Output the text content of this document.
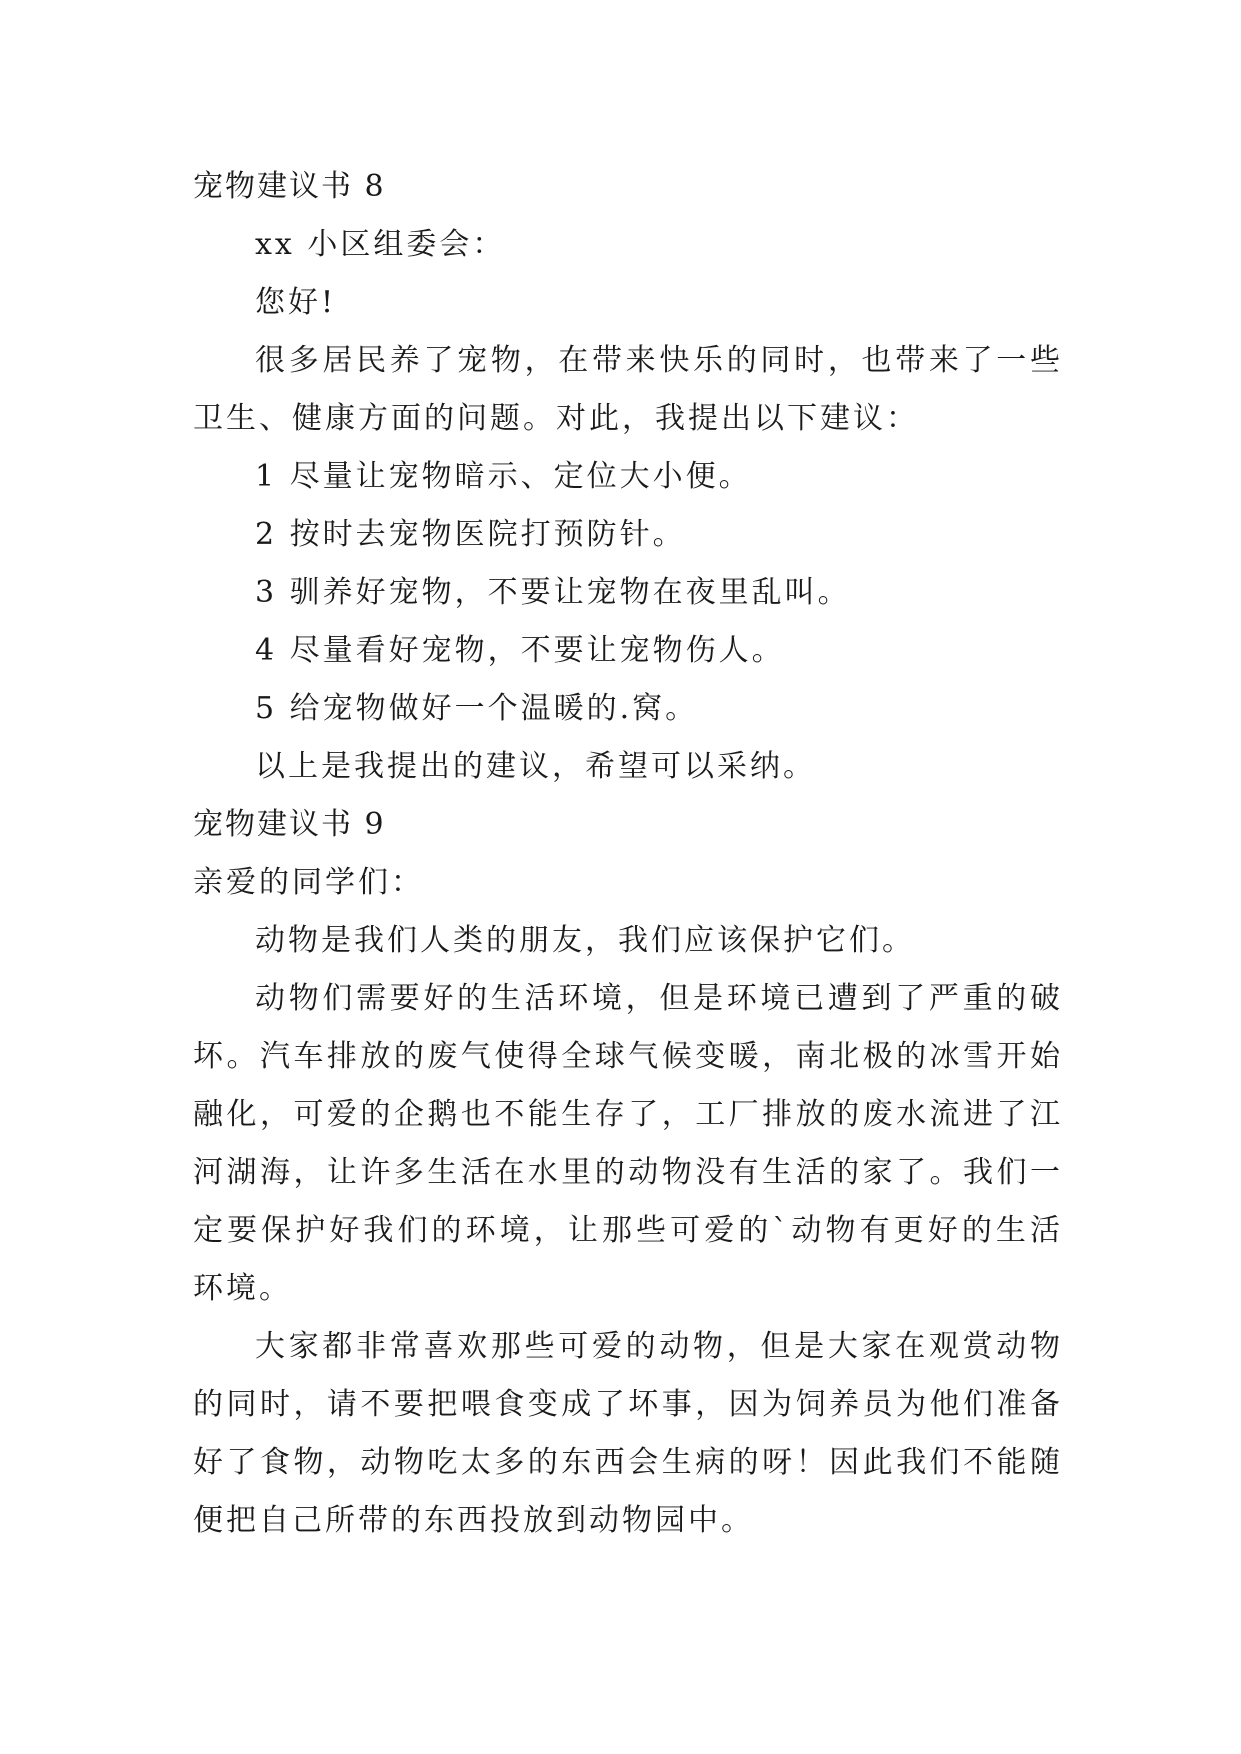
宠物建议书 8

xx 小区组委会：

您好!

很多居民养了宠物，在带来快乐的同时，也带来了一些卫生、健康方面的问题。对此，我提出以下建议：

1 尽量让宠物暗示、定位大小便。

2 按时去宠物医院打预防针。

3 驯养好宠物，不要让宠物在夜里乱叫。

4 尽量看好宠物，不要让宠物伤人。

5 给宠物做好一个温暖的.窝。

以上是我提出的建议，希望可以采纳。

宠物建议书 9

亲爱的同学们：

动物是我们人类的朋友，我们应该保护它们。

动物们需要好的生活环境，但是环境已遭到了严重的破坏。汽车排放的废气使得全球气候变暖，南北极的冰雪开始融化，可爱的企鹅也不能生存了，工厂排放的废水流进了江河湖海，让许多生活在水里的动物没有生活的家了。我们一定要保护好我们的环境，让那些可爱的`动物有更好的生活环境。

大家都非常喜欢那些可爱的动物，但是大家在观赏动物的同时，请不要把喂食变成了坏事，因为饲养员为他们准备好了食物，动物吃太多的东西会生病的呀！因此我们不能随便把自己所带的东西投放到动物园中。
